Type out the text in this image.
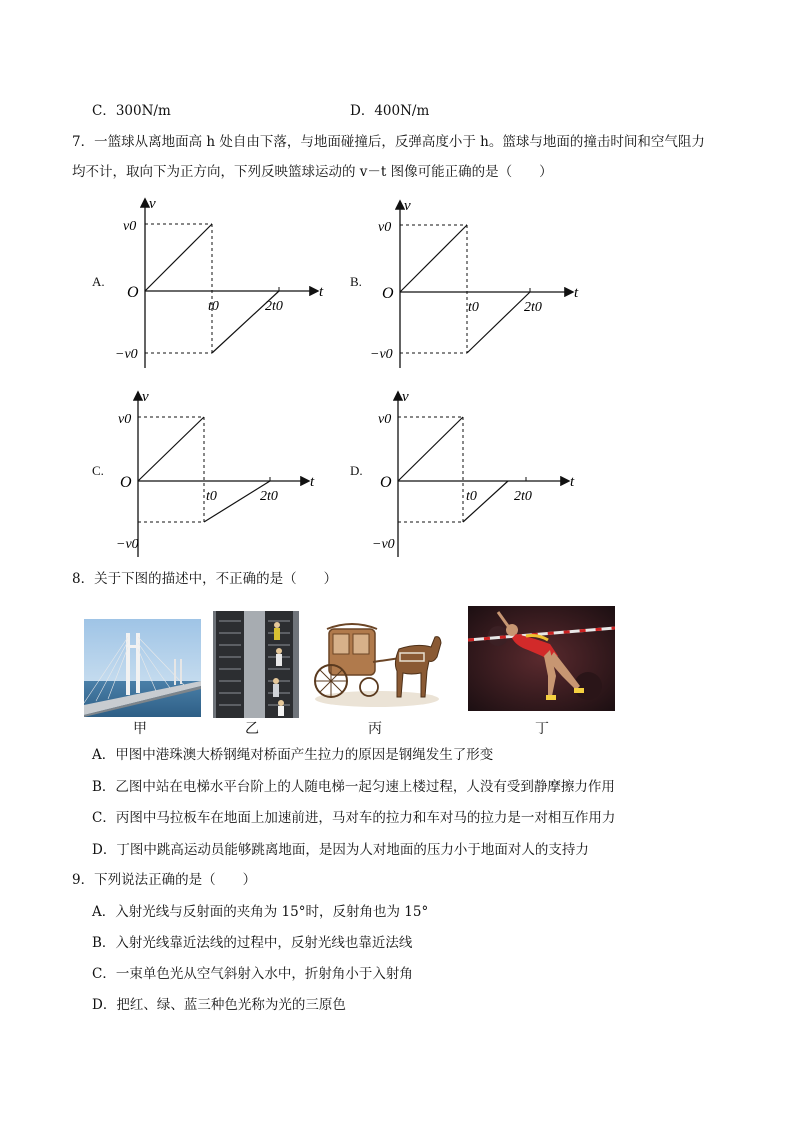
C．300N/m	D．400N/m
7．一篮球从离地面高 h 处自由下落，与地面碰撞后，反弹高度小于 h。篮球与地面的撞击时间和空气阻力
均不计，取向下为正方向，下列反映篮球运动的 v－t 图像可能正确的是（　　）
A.
v
t
O
v0
−v0
t0	2t0
B.
v
t
O
v0
−v0
t0	2t0
C.
v
t
O
v0
−v0
t0	2t0
D.
v
t
O
v0
−v0
t0	2t0
8．关于下图的描述中，不正确的是（　　）
甲	乙	丙	丁
A．甲图中港珠澳大桥钢绳对桥面产生拉力的原因是钢绳发生了形变
B．乙图中站在电梯水平台阶上的人随电梯一起匀速上楼过程，人没有受到静摩擦力作用
C．丙图中马拉板车在地面上加速前进，马对车的拉力和车对马的拉力是一对相互作用力
D．丁图中跳高运动员能够跳离地面，是因为人对地面的压力小于地面对人的支持力
9．下列说法正确的是（　　）
A．入射光线与反射面的夹角为 15°时，反射角也为 15°
B．入射光线靠近法线的过程中，反射光线也靠近法线
C．一束单色光从空气斜射入水中，折射角小于入射角
D．把红、绿、蓝三种色光称为光的三原色
